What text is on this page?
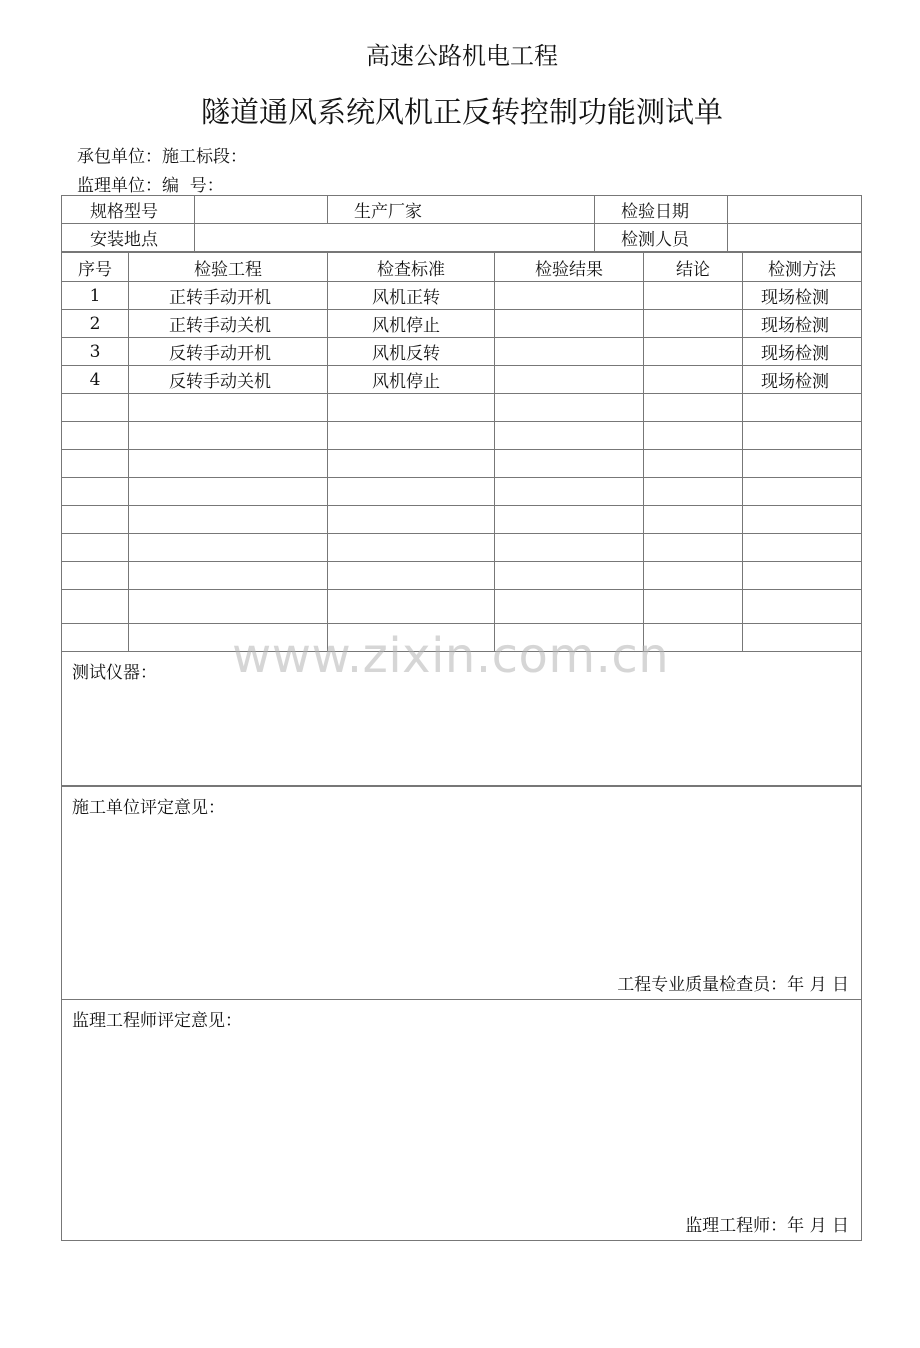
高速公路机电工程
隧道通风系统风机正反转控制功能测试单
承包单位：施工标段：
监理单位：编  号：
规格型号		生产厂家	检验日期	
安装地点			检测人员	
序号	检验工程	检查标准	检验结果	结论	检测方法
1	正转手动开机	风机正转			现场检测
2	正转手动关机	风机停止			现场检测
3	反转手动开机	风机反转			现场检测
4	反转手动关机	风机停止			现场检测

测试仪器：
施工单位评定意见：
工程专业质量检查员：年 月 日
监理工程师评定意见：
监理工程师：年 月 日
www.zixin.com.cn
